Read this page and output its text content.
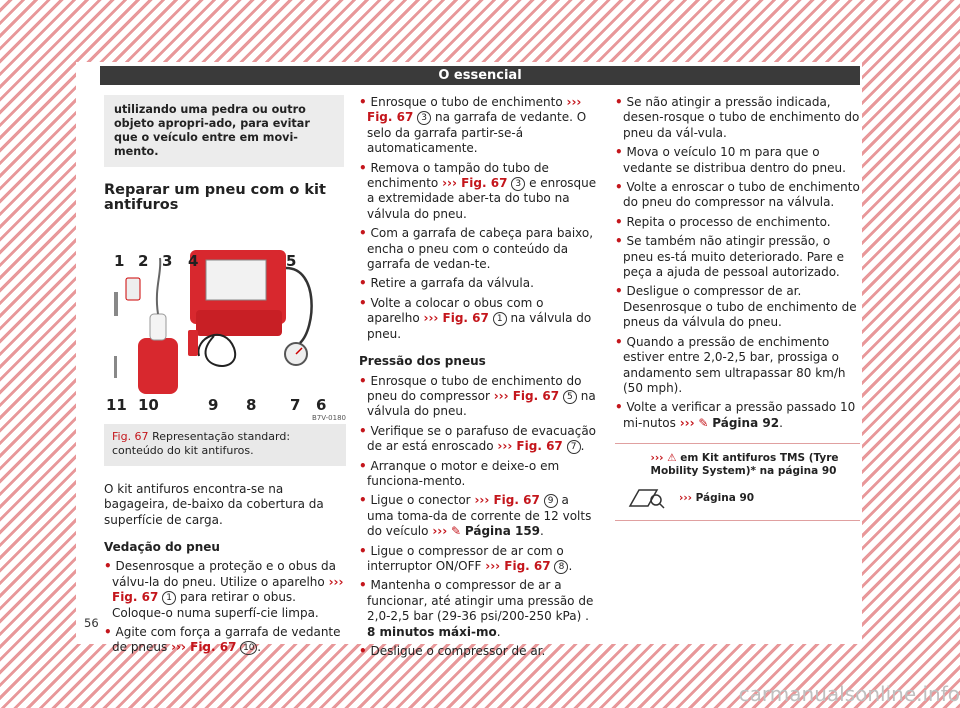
O essencial
utilizando uma pedra ou outro objeto apropri-ado, para evitar que o veículo entre em movi-mento.
Reparar um pneu com o kit antifuros
1 2 3 4	5
6
7
8
9
10
11
B7V-0180
Fig. 67 Representação standard: conteúdo do kit antifuros.

O kit antifuros encontra-se na bagageira, de-baixo da cobertura da superfície de carga.

Vedação do pneu

• Desenrosque a proteção e o obus da válvu-la do pneu. Utilize o aparelho ››› Fig. 67 1 para retirar o obus. Coloque-o numa superfí-cie limpa.

• Agite com força a garrafa de vedante de pneus ››› Fig. 67 10 .

• Enrosque o tubo de enchimento ››› Fig. 67 3 na garrafa de vedante. O selo da garrafa partir-se-á automaticamente.

• Remova o tampão do tubo de enchimento ››› Fig. 67 3 e enrosque a extremidade aber-ta do tubo na válvula do pneu.

• Com a garrafa de cabeça para baixo, encha o pneu com o conteúdo da garrafa de vedan-te.

• Retire a garrafa da válvula.

• Volte a colocar o obus com o aparelho ››› Fig. 67 1 na válvula do pneu.

Pressão dos pneus

• Enrosque o tubo de enchimento do pneu do compressor ››› Fig. 67 5 na válvula do pneu.

• Verifique se o parafuso de evacuação de ar está enroscado ››› Fig. 67 7 .

• Arranque o motor e deixe-o em funciona-mento.

• Ligue o conector ››› Fig. 67 9 a uma toma-da de corrente de 12 volts do veículo ››› ✎ Página 159.

• Ligue o compressor de ar com o interruptor ON/OFF ››› Fig. 67 8 .

• Mantenha o compressor de ar a funcionar, até atingir uma pressão de 2,0-2,5 bar (29-36 psi/200-250 kPa) . 8 minutos máxi-mo.

• Desligue o compressor de ar.

• Se não atingir a pressão indicada, desen-rosque o tubo de enchimento do pneu da vál-vula.

• Mova o veículo 10 m para que o vedante se distribua dentro do pneu.

• Volte a enroscar o tubo de enchimento do pneu do compressor na válvula.

• Repita o processo de enchimento.

• Se também não atingir pressão, o pneu es-tá muito deteriorado. Pare e peça a ajuda de pessoal autorizado.

• Desligue o compressor de ar. Desenrosque o tubo de enchimento de pneus da válvula do pneu.

• Quando a pressão de enchimento estiver entre 2,0-2,5 bar, prossiga o andamento sem ultrapassar 80 km/h (50 mph).

• Volte a verificar a pressão passado 10 mi-nutos ››› ✎ Página 92.

››› ⚠ em Kit antifuros TMS (Tyre Mobility System)* na página 90
››› Página 90
56
carmanualsonline.info
